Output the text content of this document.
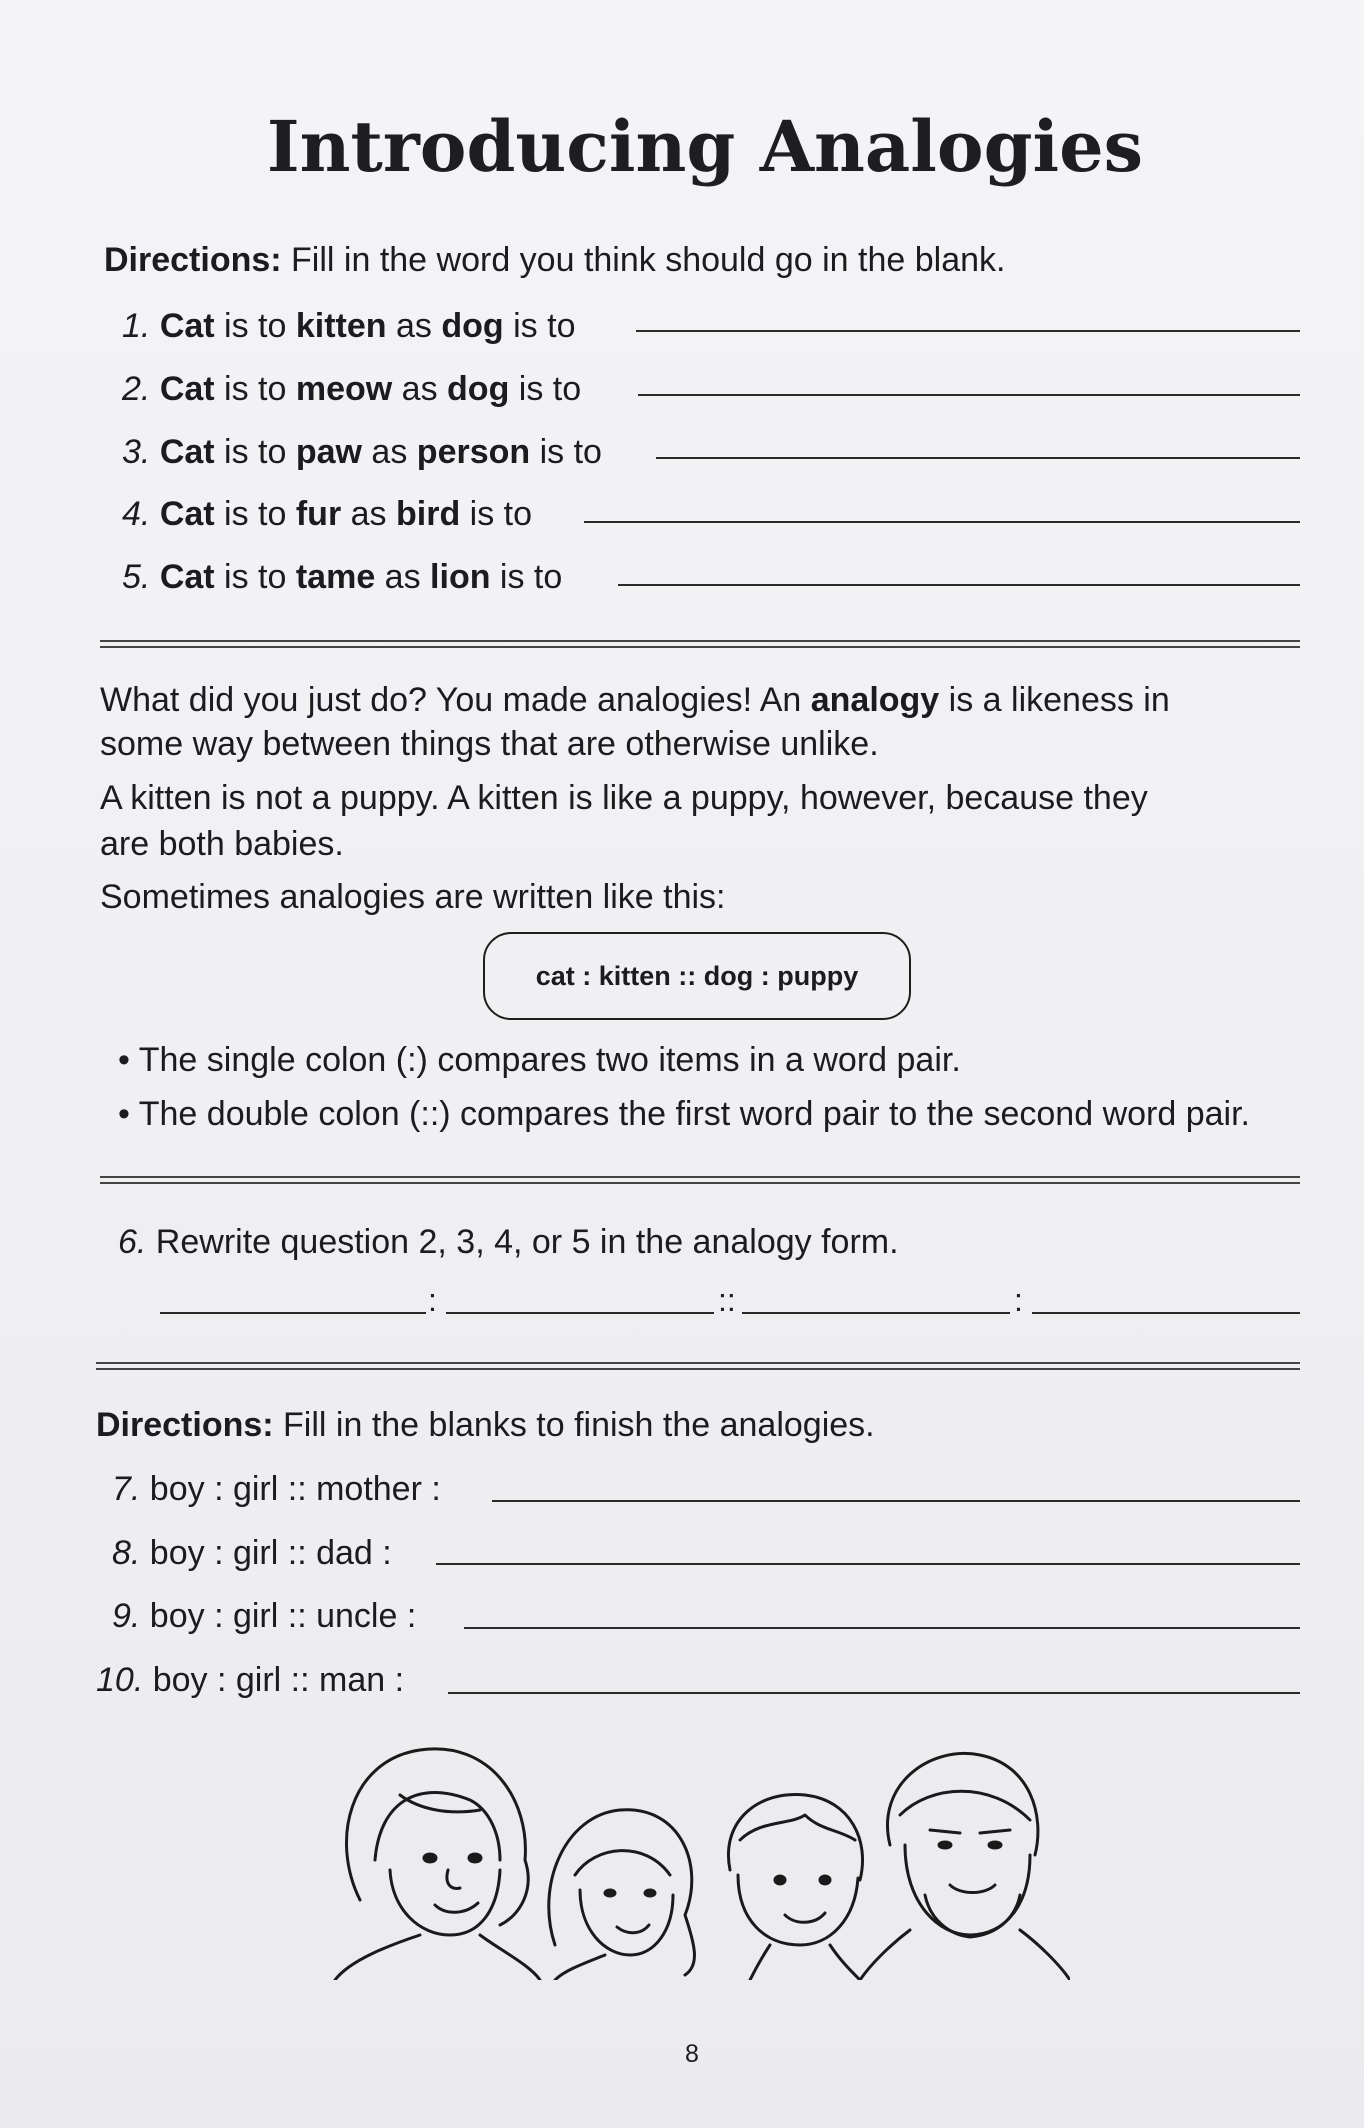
Introducing Analogies
Directions: Fill in the word you think should go in the blank.
1. Cat is to kitten as dog is to
2. Cat is to meow as dog is to
3. Cat is to paw as person is to
4. Cat is to fur as bird is to
5. Cat is to tame as lion is to
What did you just do? You made analogies! An analogy is a likeness in
some way between things that are otherwise unlike.
A kitten is not a puppy. A kitten is like a puppy, however, because they
are both babies.
Sometimes analogies are written like this:
cat : kitten :: dog : puppy
• The single colon (:) compares two items in a word pair.
• The double colon (::) compares the first word pair to the second word pair.
6. Rewrite question 2, 3, 4, or 5 in the analogy form.
:	::	:
Directions: Fill in the blanks to finish the analogies.
7. boy : girl :: mother :
8. boy : girl :: dad :
9. boy : girl :: uncle :
10. boy : girl :: man :
8
